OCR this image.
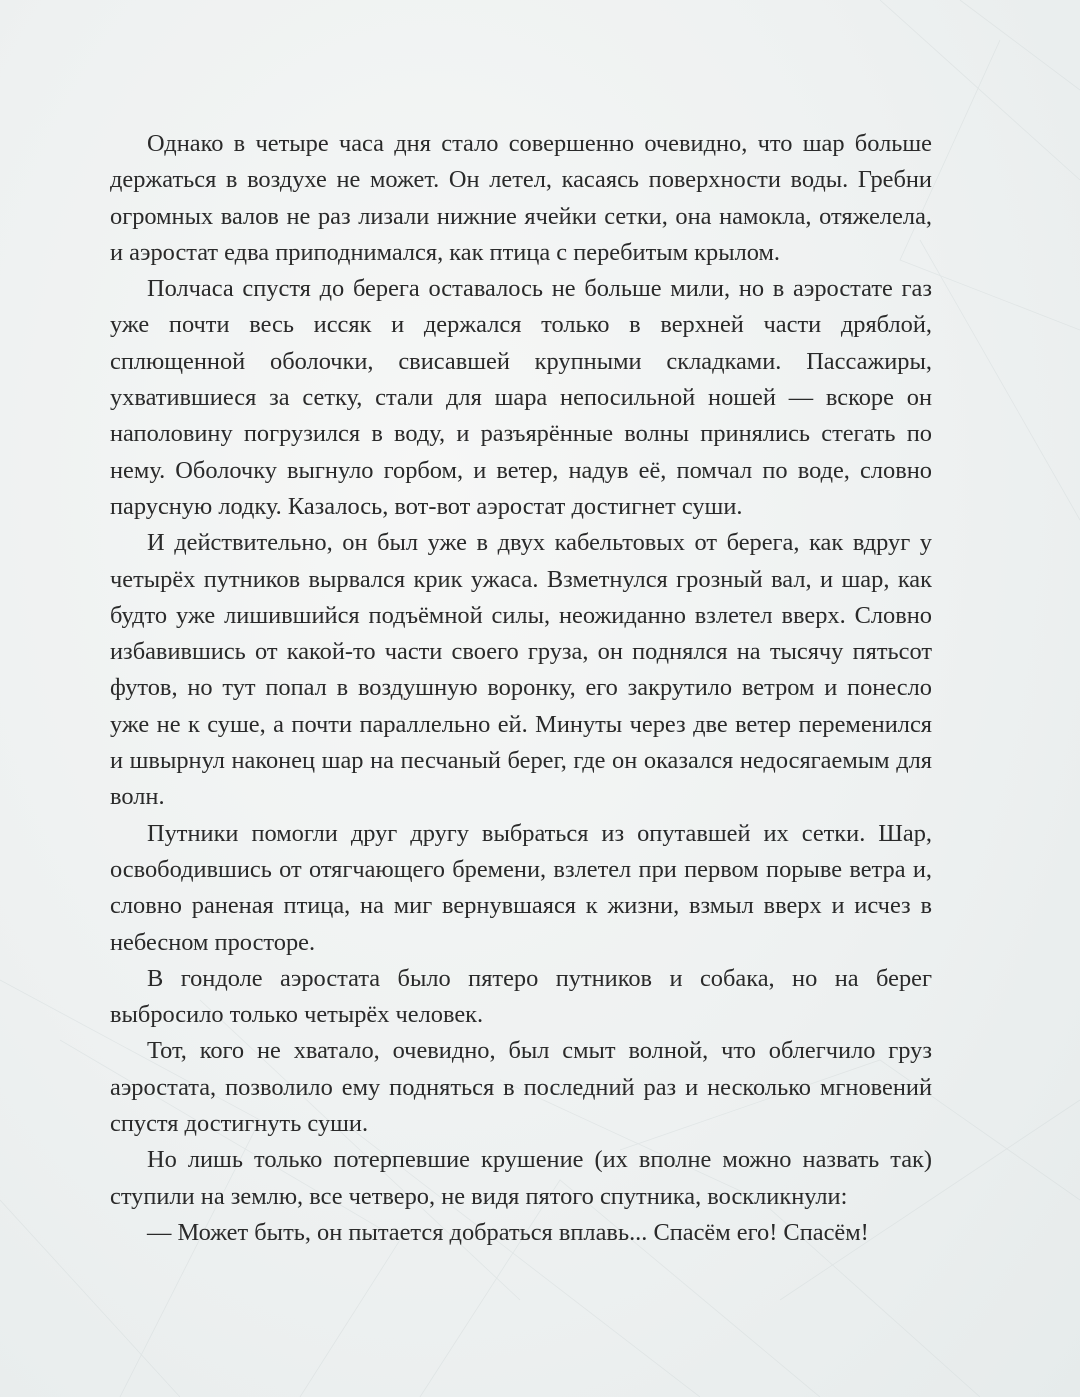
Однако в четыре часа дня стало совершенно очевидно, что шар больше держаться в воздухе не может. Он летел, касаясь поверхности воды. Гребни огромных валов не раз лизали нижние ячейки сетки, она намокла, отяжелела, и аэростат едва приподнимался, как птица с перебитым крылом.

Полчаса спустя до берега оставалось не больше мили, но в аэростате газ уже почти весь иссяк и держался только в верхней части дряблой, сплющенной оболочки, свисавшей крупными складками. Пассажиры, ухватившиеся за сетку, стали для шара непосильной ношей — вскоре он наполовину погрузился в воду, и разъярённые волны принялись стегать по нему. Оболочку выгнуло горбом, и ветер, надув её, помчал по воде, словно парусную лодку. Казалось, вот-вот аэростат достигнет суши.

И действительно, он был уже в двух кабельтовых от берега, как вдруг у четырёх путников вырвался крик ужаса. Взметнулся грозный вал, и шар, как будто уже лишившийся подъёмной силы, неожиданно взлетел вверх. Словно избавившись от какой-то части своего груза, он поднялся на тысячу пятьсот футов, но тут попал в воздушную воронку, его закрутило ветром и понесло уже не к суше, а почти параллельно ей. Минуты через две ветер переменился и швырнул наконец шар на песчаный берег, где он оказался недосягаемым для волн.

Путники помогли друг другу выбраться из опутавшей их сетки. Шар, освободившись от отягчающего бремени, взлетел при первом порыве ветра и, словно раненая птица, на миг вернувшаяся к жизни, взмыл вверх и исчез в небесном просторе.

В гондоле аэростата было пятеро путников и собака, но на берег выбросило только четырёх человек.

Тот, кого не хватало, очевидно, был смыт волной, что облегчило груз аэростата, позволило ему подняться в последний раз и несколько мгновений спустя достигнуть суши.

Но лишь только потерпевшие крушение (их вполне можно назвать так) ступили на землю, все четверо, не видя пятого спутника, воскликнули:

— Может быть, он пытается добраться вплавь... Спасём его! Спасём!
